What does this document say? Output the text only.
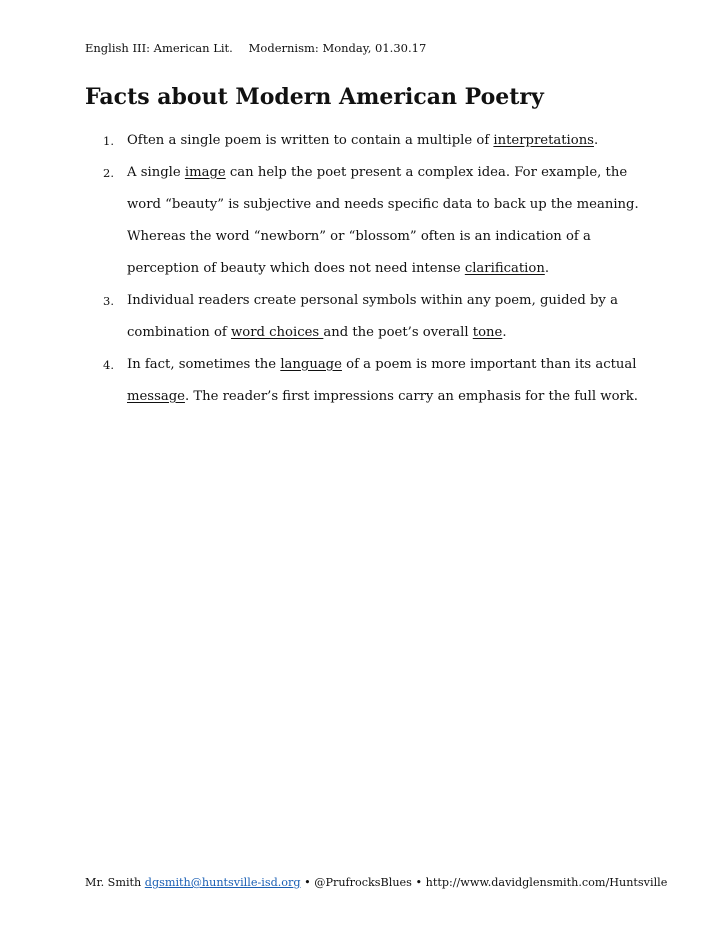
English III: American Lit. Modernism: Monday, 01.30.17
Facts about Modern American Poetry
1. Often a single poem is written to contain a multiple of interpretations.
2. A single image can help the poet present a complex idea. For example, the word “beauty” is subjective and needs specific data to back up the meaning. Whereas the word “newborn” or “blossom” often is an indication of a perception of beauty which does not need intense clarification.
3. Individual readers create personal symbols within any poem, guided by a combination of word choices and the poet’s overall tone.
4. In fact, sometimes the language of a poem is more important than its actual message. The reader’s first impressions carry an emphasis for the full work.
Mr. Smith dgsmith@huntsville-isd.org • @PrufrocksBlues • http://www.davidglensmith.com/Huntsville
